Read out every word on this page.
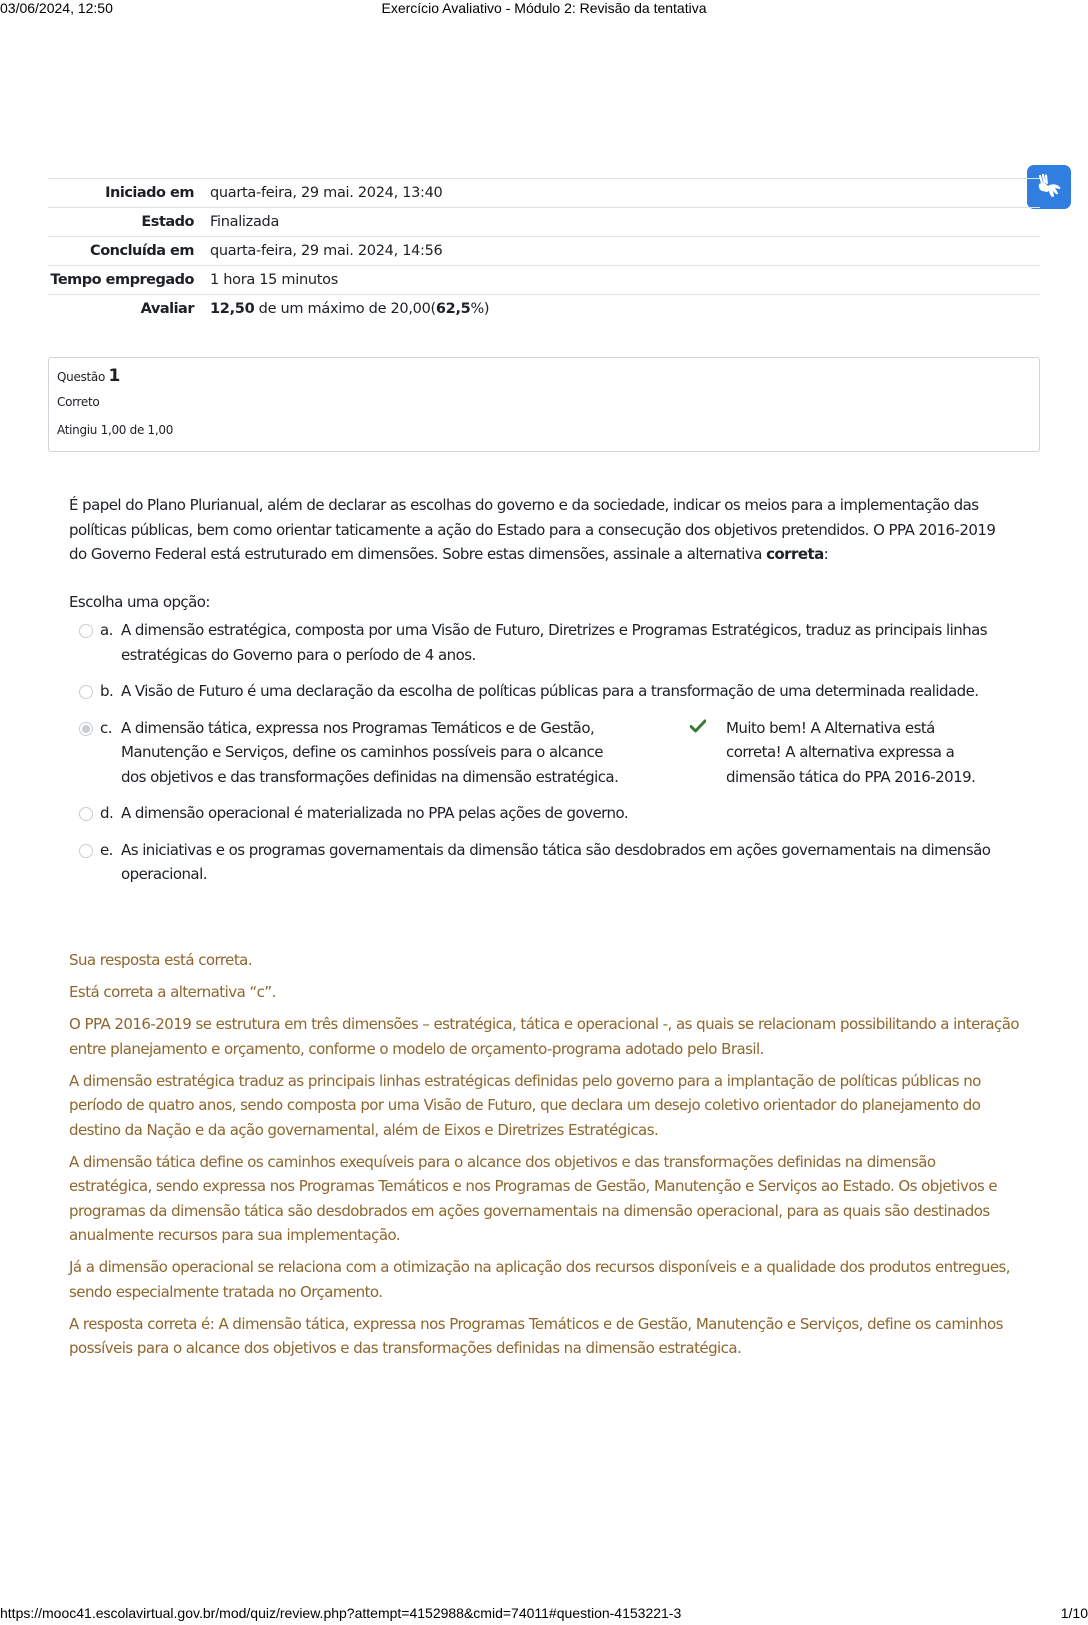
03/06/2024, 12:50	Exercício Avaliativo - Módulo 2: Revisão da tentativa
Iniciado em	quarta-feira, 29 mai. 2024, 13:40
Estado	Finalizada
Concluída em	quarta-feira, 29 mai. 2024, 14:56
Tempo empregado	1 hora 15 minutos
Avaliar	12,50 de um máximo de 20,00(62,5%)
Questão 1
Correto
Atingiu 1,00 de 1,00
É papel do Plano Plurianual, além de declarar as escolhas do governo e da sociedade, indicar os meios para a implementação das políticas públicas, bem como orientar taticamente a ação do Estado para a consecução dos objetivos pretendidos. O PPA 2016-2019 do Governo Federal está estruturado em dimensões. Sobre estas dimensões, assinale a alternativa correta:
Escolha uma opção:
a. A dimensão estratégica, composta por uma Visão de Futuro, Diretrizes e Programas Estratégicos, traduz as principais linhas estratégicas do Governo para o período de 4 anos.
b. A Visão de Futuro é uma declaração da escolha de políticas públicas para a transformação de uma determinada realidade.
c. A dimensão tática, expressa nos Programas Temáticos e de Gestão, Manutenção e Serviços, define os caminhos possíveis para o alcance dos objetivos e das transformações definidas na dimensão estratégica.
Muito bem! A Alternativa está correta! A alternativa expressa a dimensão tática do PPA 2016-2019.
d. A dimensão operacional é materializada no PPA pelas ações de governo.
e. As iniciativas e os programas governamentais da dimensão tática são desdobrados em ações governamentais na dimensão operacional.

Sua resposta está correta.

Está correta a alternativa “c”.

O PPA 2016-2019 se estrutura em três dimensões – estratégica, tática e operacional -, as quais se relacionam possibilitando a interação entre planejamento e orçamento, conforme o modelo de orçamento-programa adotado pelo Brasil.

A dimensão estratégica traduz as principais linhas estratégicas definidas pelo governo para a implantação de políticas públicas no período de quatro anos, sendo composta por uma Visão de Futuro, que declara um desejo coletivo orientador do planejamento do destino da Nação e da ação governamental, além de Eixos e Diretrizes Estratégicas.

A dimensão tática define os caminhos exequíveis para o alcance dos objetivos e das transformações definidas na dimensão estratégica, sendo expressa nos Programas Temáticos e nos Programas de Gestão, Manutenção e Serviços ao Estado. Os objetivos e programas da dimensão tática são desdobrados em ações governamentais na dimensão operacional, para as quais são destinados anualmente recursos para sua implementação.

Já a dimensão operacional se relaciona com a otimização na aplicação dos recursos disponíveis e a qualidade dos produtos entregues, sendo especialmente tratada no Orçamento.

A resposta correta é: A dimensão tática, expressa nos Programas Temáticos e de Gestão, Manutenção e Serviços, define os caminhos possíveis para o alcance dos objetivos e das transformações definidas na dimensão estratégica.

https://mooc41.escolavirtual.gov.br/mod/quiz/review.php?attempt=4152988&cmid=74011#question-4153221-3	1/10
